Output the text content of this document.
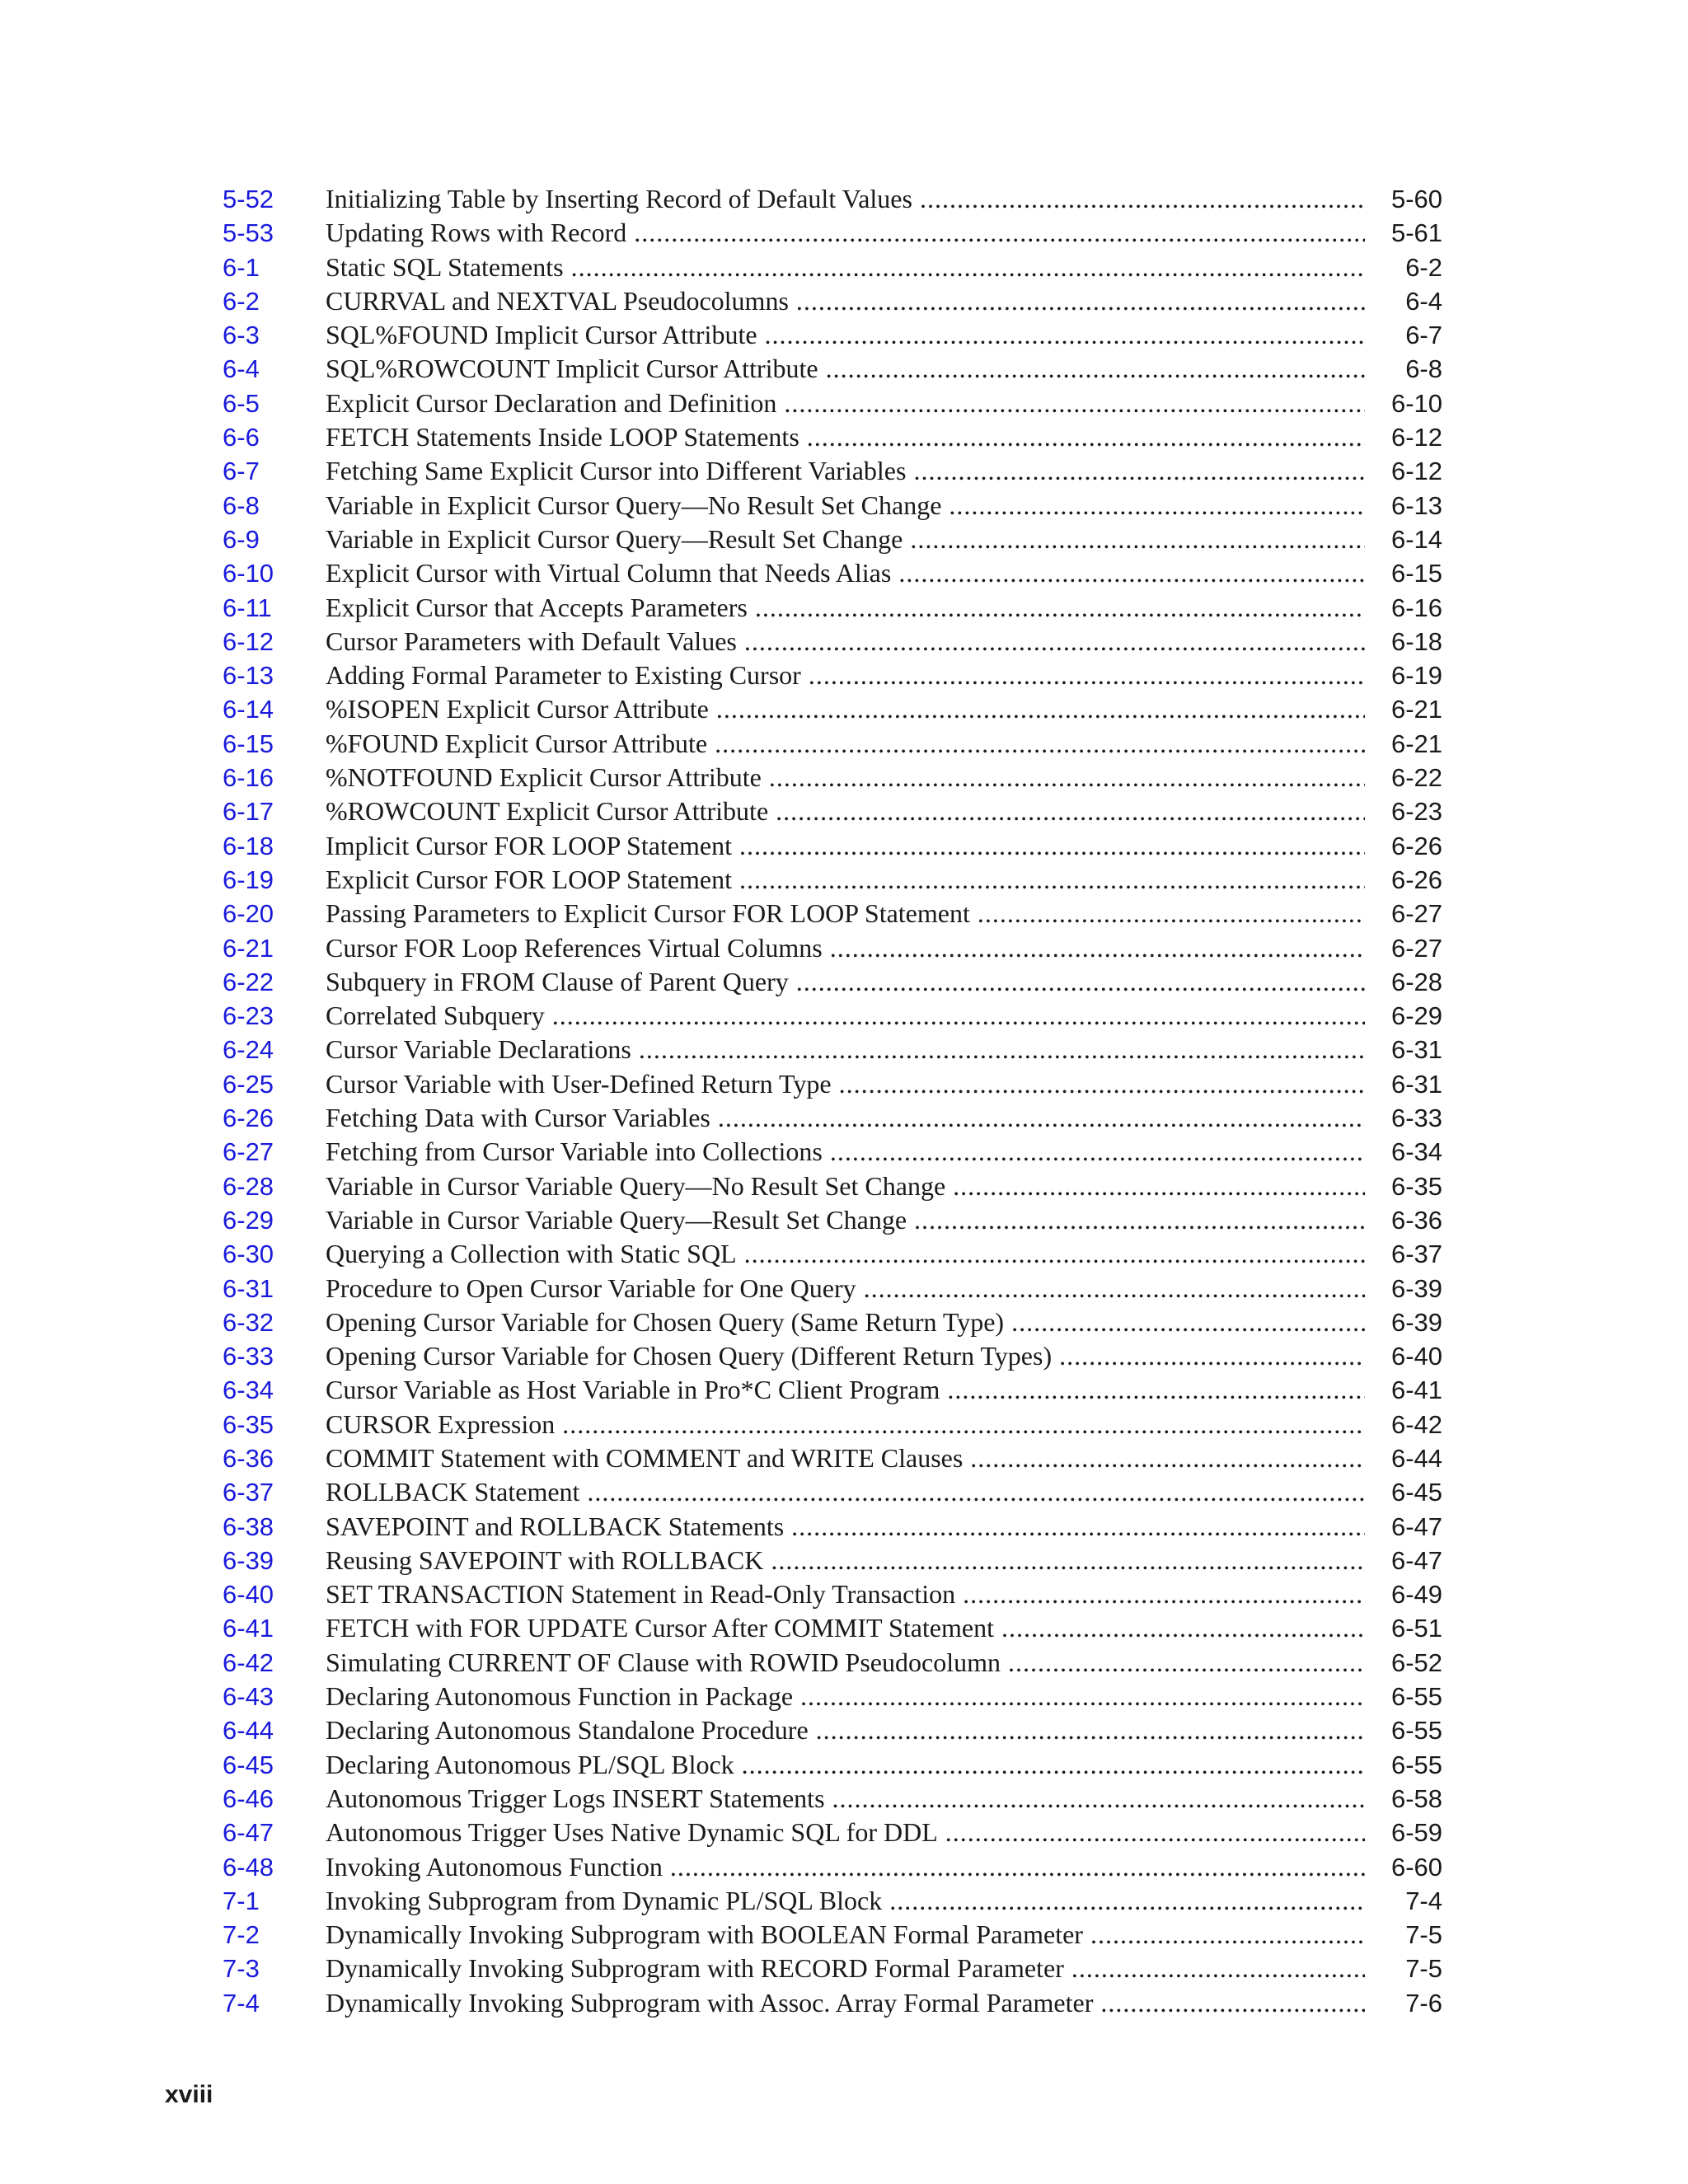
5-52	Initializing Table by Inserting Record of Default Values .....	5-60
5-53	Updating Rows with Record .....	5-61
6-1	Static SQL Statements .....	6-2
6-2	CURRVAL and NEXTVAL Pseudocolumns .....	6-4
6-3	SQL%FOUND Implicit Cursor Attribute .....	6-7
6-4	SQL%ROWCOUNT Implicit Cursor Attribute .....	6-8
6-5	Explicit Cursor Declaration and Definition .....	6-10
6-6	FETCH Statements Inside LOOP Statements .....	6-12
6-7	Fetching Same Explicit Cursor into Different Variables .....	6-12
6-8	Variable in Explicit Cursor Query—No Result Set Change .....	6-13
6-9	Variable in Explicit Cursor Query—Result Set Change .....	6-14
6-10	Explicit Cursor with Virtual Column that Needs Alias .....	6-15
6-11	Explicit Cursor that Accepts Parameters .....	6-16
6-12	Cursor Parameters with Default Values .....	6-18
6-13	Adding Formal Parameter to Existing Cursor .....	6-19
6-14	%ISOPEN Explicit Cursor Attribute .....	6-21
6-15	%FOUND Explicit Cursor Attribute .....	6-21
6-16	%NOTFOUND Explicit Cursor Attribute .....	6-22
6-17	%ROWCOUNT Explicit Cursor Attribute .....	6-23
6-18	Implicit Cursor FOR LOOP Statement .....	6-26
6-19	Explicit Cursor FOR LOOP Statement .....	6-26
6-20	Passing Parameters to Explicit Cursor FOR LOOP Statement .....	6-27
6-21	Cursor FOR Loop References Virtual Columns .....	6-27
6-22	Subquery in FROM Clause of Parent Query .....	6-28
6-23	Correlated Subquery .....	6-29
6-24	Cursor Variable Declarations .....	6-31
6-25	Cursor Variable with User-Defined Return Type .....	6-31
6-26	Fetching Data with Cursor Variables .....	6-33
6-27	Fetching from Cursor Variable into Collections .....	6-34
6-28	Variable in Cursor Variable Query—No Result Set Change .....	6-35
6-29	Variable in Cursor Variable Query—Result Set Change .....	6-36
6-30	Querying a Collection with Static SQL .....	6-37
6-31	Procedure to Open Cursor Variable for One Query .....	6-39
6-32	Opening Cursor Variable for Chosen Query (Same Return Type) .....	6-39
6-33	Opening Cursor Variable for Chosen Query (Different Return Types) .....	6-40
6-34	Cursor Variable as Host Variable in Pro*C Client Program .....	6-41
6-35	CURSOR Expression .....	6-42
6-36	COMMIT Statement with COMMENT and WRITE Clauses .....	6-44
6-37	ROLLBACK Statement .....	6-45
6-38	SAVEPOINT and ROLLBACK Statements .....	6-47
6-39	Reusing SAVEPOINT with ROLLBACK .....	6-47
6-40	SET TRANSACTION Statement in Read-Only Transaction .....	6-49
6-41	FETCH with FOR UPDATE Cursor After COMMIT Statement .....	6-51
6-42	Simulating CURRENT OF Clause with ROWID Pseudocolumn .....	6-52
6-43	Declaring Autonomous Function in Package .....	6-55
6-44	Declaring Autonomous Standalone Procedure .....	6-55
6-45	Declaring Autonomous PL/SQL Block .....	6-55
6-46	Autonomous Trigger Logs INSERT Statements .....	6-58
6-47	Autonomous Trigger Uses Native Dynamic SQL for DDL .....	6-59
6-48	Invoking Autonomous Function .....	6-60
7-1	Invoking Subprogram from Dynamic PL/SQL Block .....	7-4
7-2	Dynamically Invoking Subprogram with BOOLEAN Formal Parameter .....	7-5
7-3	Dynamically Invoking Subprogram with RECORD Formal Parameter .....	7-5
7-4	Dynamically Invoking Subprogram with Assoc. Array Formal Parameter .....	7-6
xviii
